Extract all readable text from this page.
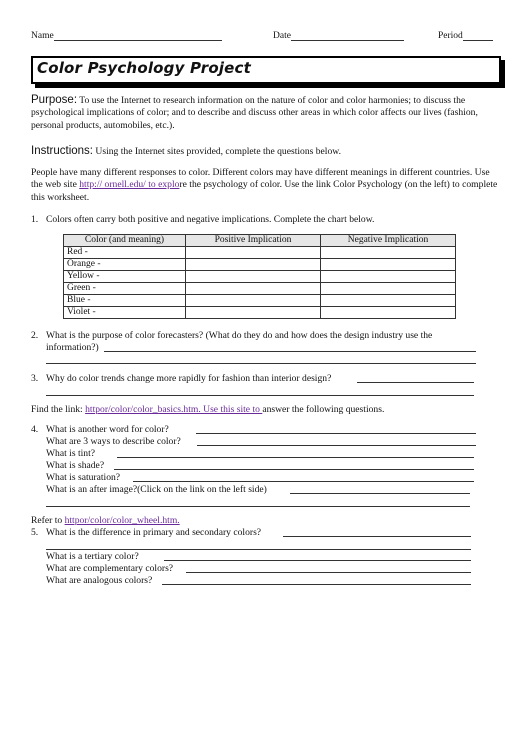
Name	Date	Period
Color Psychology Project
Purpose: To use the Internet to research information on the nature of color and color harmonies; to discuss the psychological implications of color; and to describe and discuss other areas in which color affects our lives (fashion, personal products, automobiles, etc.).
Instructions: Using the Internet sites provided, complete the questions below.
People have many different responses to color. Different colors may have different meanings in different countries. Use the web site http:// ornell.edu/ to explore the psychology of color. Use the link Color Psychology (on the left) to complete this worksheet.
1. Colors often carry both positive and negative implications. Complete the chart below.
Color (and meaning)	Positive Implication	Negative Implication
Red -		
Orange -		
Yellow -		
Green -		
Blue -		
Violet -		
2. What is the purpose of color forecasters? (What do they do and how does the design industry use the
information?)
3. Why do color trends change more rapidly for fashion than interior design?
Find the link: httpor/color/color_basics.htm. Use this site to answer the following questions.
4. What is another word for color?
What are 3 ways to describe color?
What is tint?
What is shade?
What is saturation?
What is an after image?(Click on the link on the left side)
Refer to httpor/color/color_wheel.htm.
5. What is the difference in primary and secondary colors?
What is a tertiary color?
What are complementary colors?
What are analogous colors?
